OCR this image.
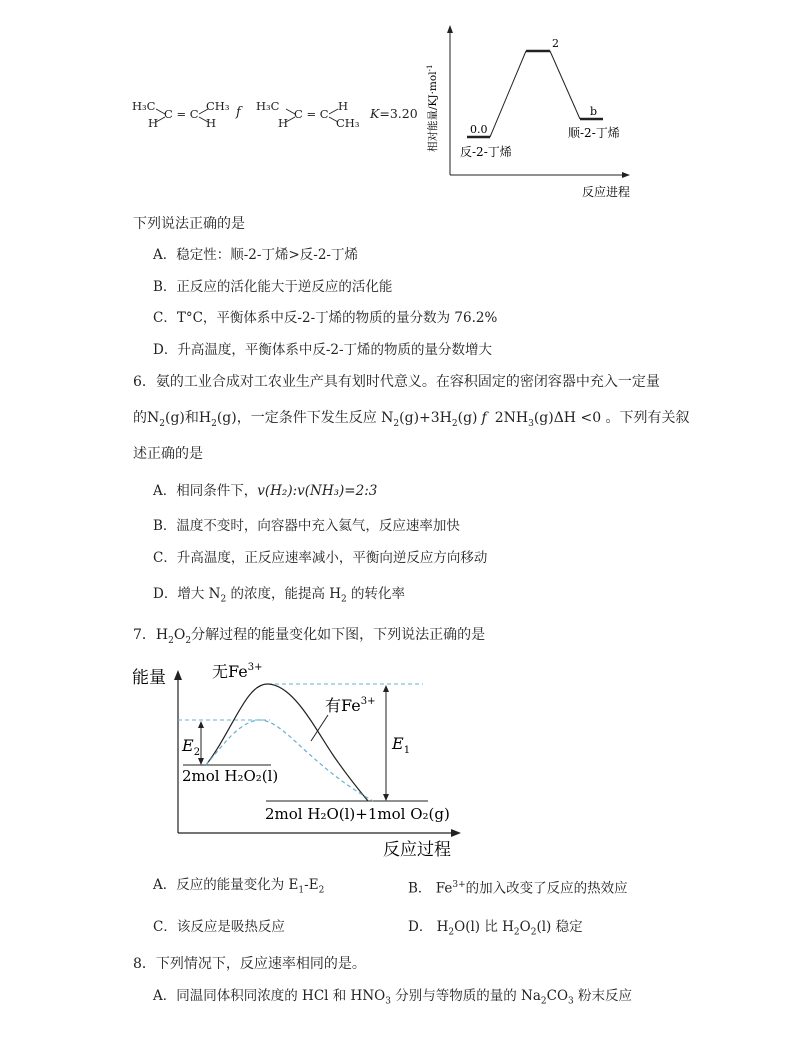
H₃C
H
C = C
CH₃
H
f H₃C
H
C = C
H
CH₃
K=3.20
0.0
反-2-丁烯
2
b
顺-2-丁烯
反应进程
相对能量/KJ·mol$^{-1}$
下列说法正确的是
A．稳定性：顺-2-丁烯>反-2-丁烯
B．正反应的活化能大于逆反应的活化能
C．T°C，平衡体系中反-2-丁烯的物质的量分数为 76.2%
D．升高温度，平衡体系中反-2-丁烯的物质的量分数增大
6．氨的工业合成对工农业生产具有划时代意义。在容积固定的密闭容器中充入一定量
的$N_2(g)$和$H_2(g)$，一定条件下发生反应 $N_2(g)+3H_2(g)$ f $2NH_3(g)\Delta H <0$ 。下列有关叙
述正确的是
A．相同条件下，v(H₂):v(NH₃)=2:3
B．温度不变时，向容器中充入氦气，反应速率加快
C．升高温度，正反应速率减小，平衡向逆反应方向移动
D．增大 $N_2$ 的浓度，能提高 $H_2$ 的转化率
7．$H_2O_2$分解过程的能量变化如下图，下列说法正确的是
能量
反应过程
$E_2$	$E_1$
无$Fe^{3+}$
有$Fe^{3+}$
2mol H₂O₂(l)
2mol H₂O(l)+1mol O₂(g)
A．反应的能量变化为 $E_1-E_2$	B． $Fe^{3+}$的加入改变了反应的热效应
C．该反应是吸热反应	D． $H_2O(l)$ 比 $H_2O_2(l)$ 稳定
8．下列情况下，反应速率相同的是。
A．同温同体积同浓度的 HCl 和 $HNO_3$ 分别与等物质的量的 $Na_2CO_3$ 粉末反应
